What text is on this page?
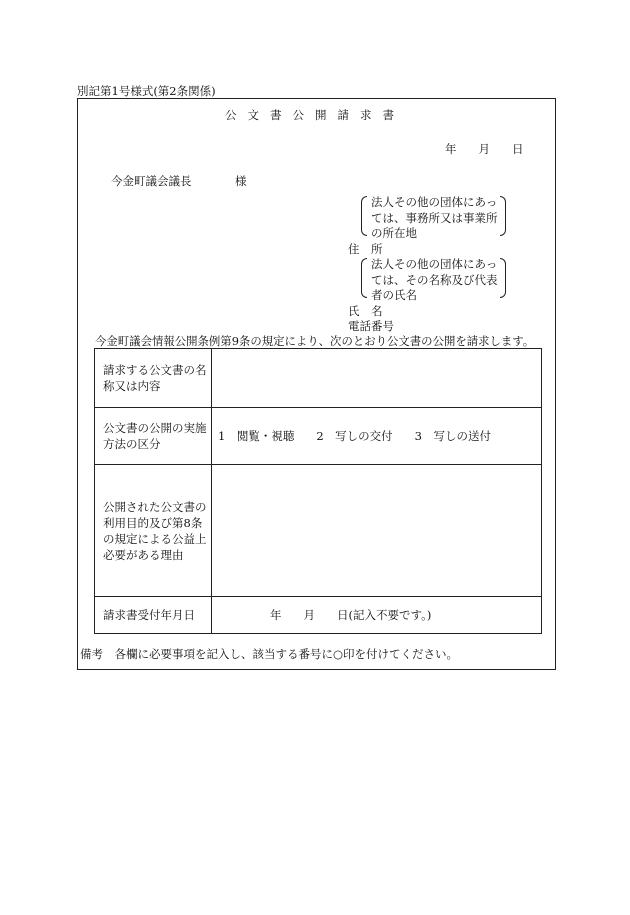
別記第1号様式(第2条関係)
公文書公開請求書
年 月 日
今金町議会議長	様
法人その他の団体にあっては、事務所又は事業所の所在地
住　所
法人その他の団体にあっては、その名称及び代表者の氏名
氏　名
電話番号
今金町議会情報公開条例第9条の規定により、次のとおり公文書の公開を請求します。
請求する公文書の名称又は内容	
公文書の公開の実施方法の区分	1　閲覧・視聴 2　写しの交付 3　写しの送付
公開された公文書の利用目的及び第8条の規定による公益上必要がある理由	
請求書受付年月日	年 月 日(記入不要です。)
備考　各欄に必要事項を記入し、該当する番号に○印を付けてください。
